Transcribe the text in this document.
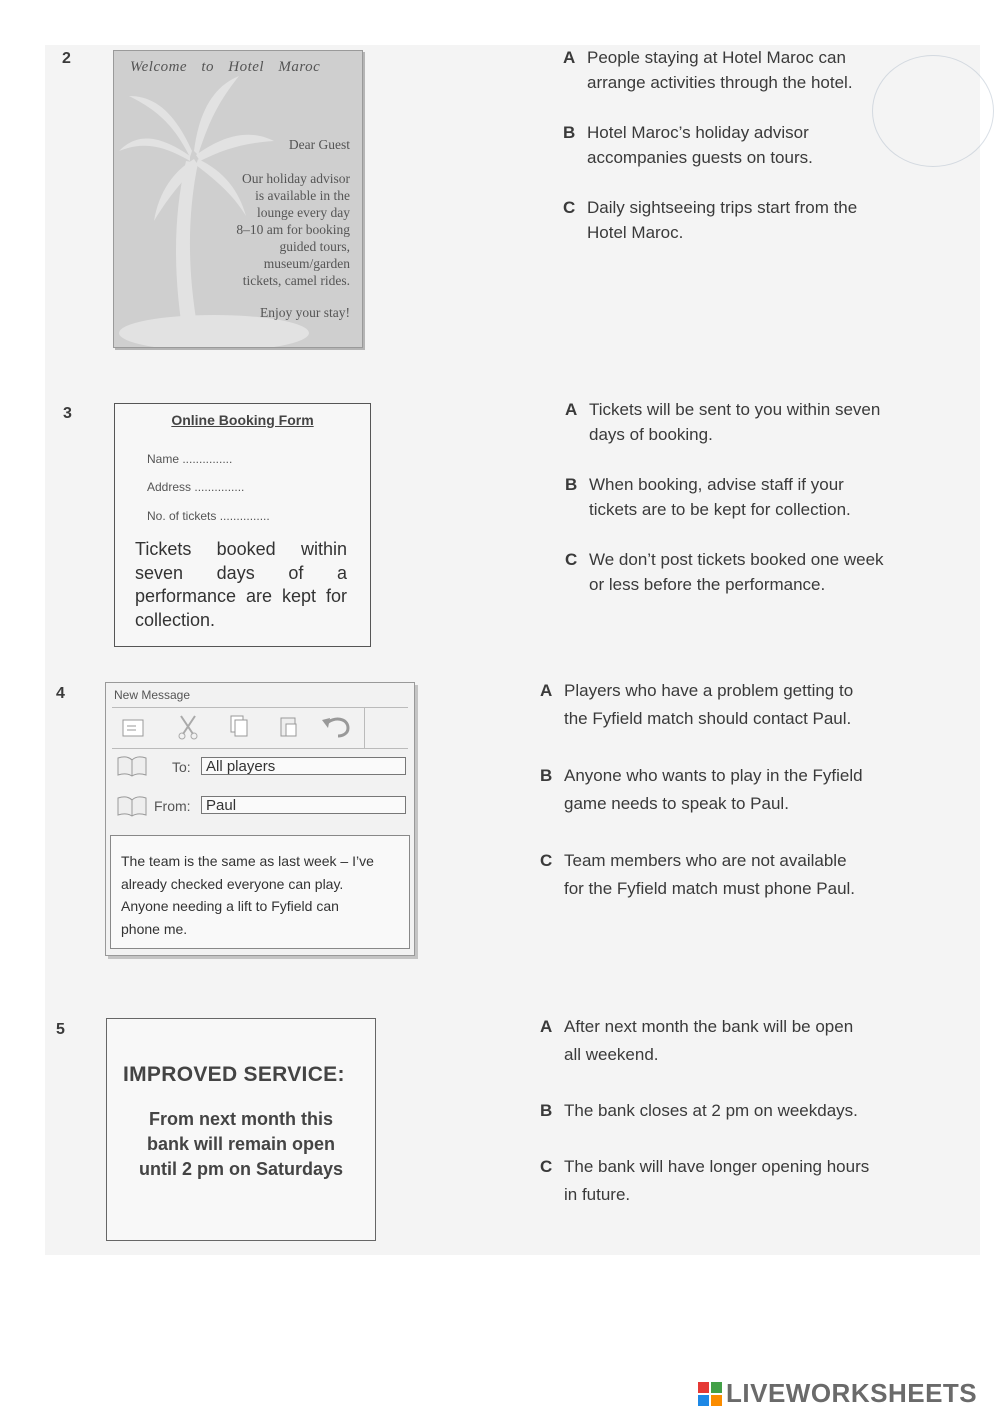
2	Welcome to Hotel Maroc
Dear Guest
Our holiday advisor
is available in the
lounge every day
8–10 am for booking
guided tours,
museum/garden
tickets, camel rides.
Enjoy your stay!
A People staying at Hotel Maroc can
arrange activities through the hotel.
B Hotel Maroc’s holiday advisor
accompanies guests on tours.
C Daily sightseeing trips start from the
Hotel Maroc.
3	Online Booking Form
Name ...............
Address ...............
No. of tickets ...............
Tickets booked within seven days of a performance are kept for collection.
A Tickets will be sent to you within seven
days of booking.
B When booking, advise staff if your
tickets are to be kept for collection.
C We don’t post tickets booked one week
or less before the performance.
4	New Message
To:	All players
From:	Paul
The team is the same as last week – I’ve
already checked everyone can play.
Anyone needing a lift to Fyfield can
phone me.
A Players who have a problem getting to
the Fyfield match should contact Paul.
B Anyone who wants to play in the Fyfield
game needs to speak to Paul.
C Team members who are not available
for the Fyfield match must phone Paul.
5
IMPROVED SERVICE:
From next month this
bank will remain open
until 2 pm on Saturdays
A After next month the bank will be open
all weekend.
B The bank closes at 2 pm on weekdays.
C The bank will have longer opening hours
in future.
LIVEWORKSHEETS
